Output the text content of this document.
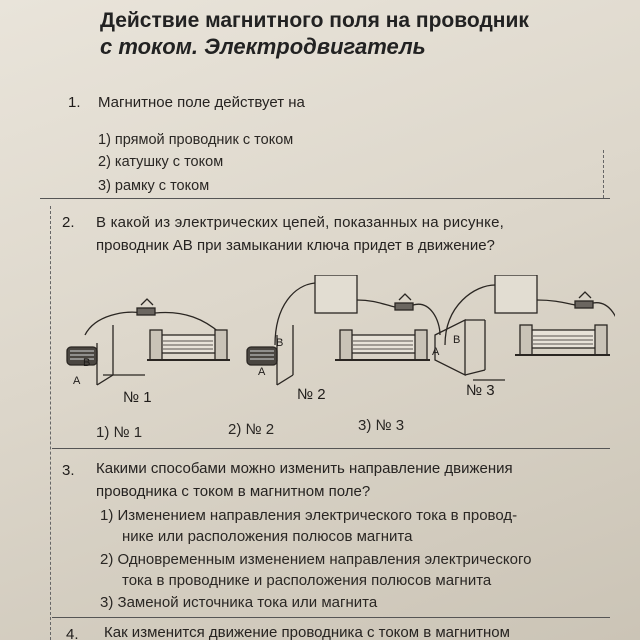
Действие магнитного поля на проводник
с током. Электродвигатель
1. Магнитное поле действует на
1) прямой проводник с током
2) катушку с током
3) рамку с током
2. В какой из электрических цепей, показанных на рисунке,
проводник AB при замыкании ключа придет в движение?
B
A
B
A
B
A
№ 1	№ 2	№ 3
1) № 1	2) № 2	3) № 3
3. Какими способами можно изменить направление движения
проводника с током в магнитном поле?
1) Изменением направления электрического тока в провод-
нике или расположения полюсов магнита
2) Одновременным изменением направления электрического
тока в проводнике и расположения полюсов магнита
3) Заменой источника тока или магнита
4. Как изменится движение проводника с током в магнитном
